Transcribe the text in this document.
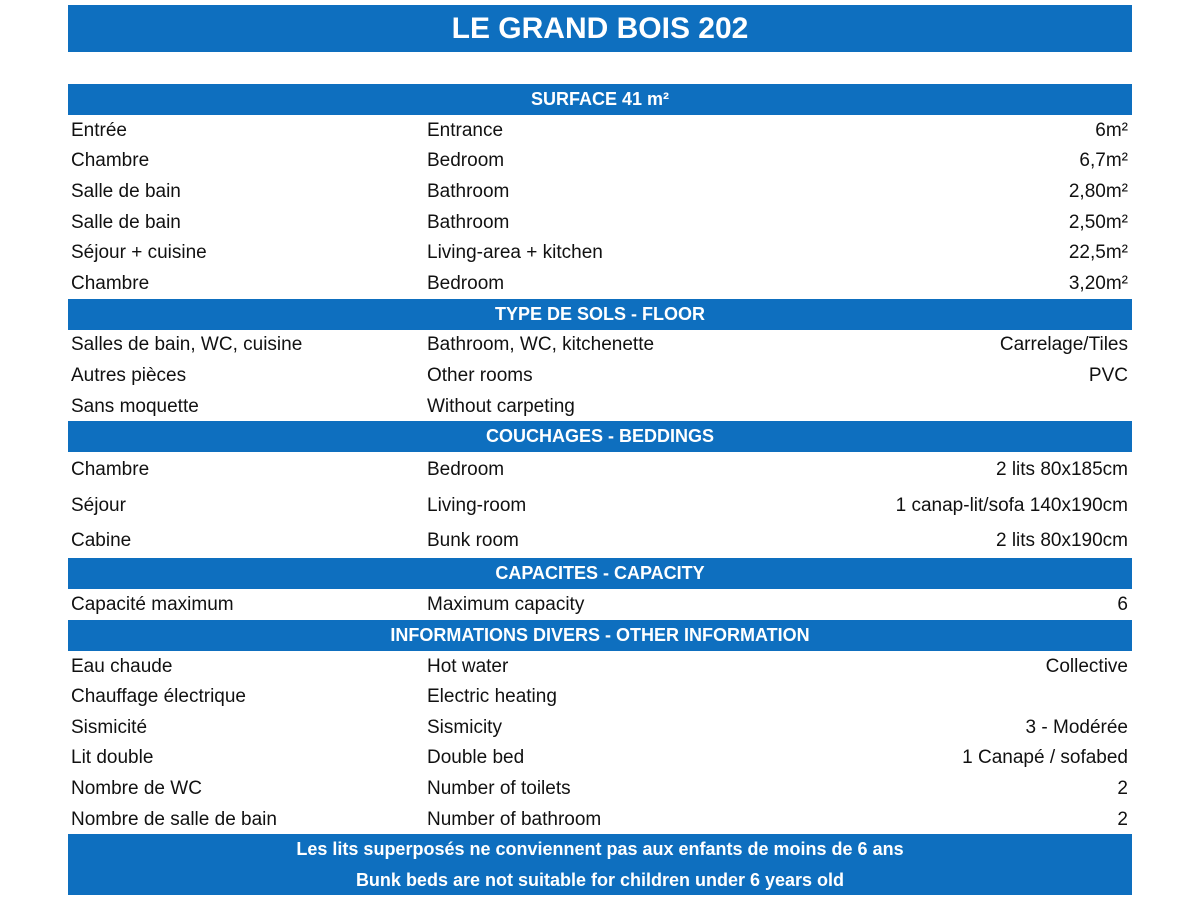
LE GRAND BOIS 202
SURFACE 41 m²
Entrée	Entrance	6m²
Chambre	Bedroom	6,7m²
Salle de bain	Bathroom	2,80m²
Salle de bain	Bathroom	2,50m²
Séjour + cuisine	Living-area + kitchen	22,5m²
Chambre	Bedroom	3,20m²
TYPE DE SOLS - FLOOR
Salles de bain, WC, cuisine	Bathroom, WC, kitchenette	Carrelage/Tiles
Autres pièces	Other rooms	PVC
Sans moquette	Without carpeting
COUCHAGES - BEDDINGS
Chambre	Bedroom	2 lits 80x185cm
Séjour	Living-room	1 canap-lit/sofa 140x190cm
Cabine	Bunk room	2 lits 80x190cm
CAPACITES - CAPACITY
Capacité maximum	Maximum capacity	6
INFORMATIONS DIVERS - OTHER INFORMATION
Eau chaude	Hot water	Collective
Chauffage électrique	Electric heating
Sismicité	Sismicity	3 - Modérée
Lit double	Double bed	1 Canapé / sofabed
Nombre de WC	Number of toilets	2
Nombre de salle de bain	Number of bathroom	2
Les lits superposés ne conviennent pas aux enfants de moins de 6 ans
Bunk beds are not suitable for children under 6 years old
